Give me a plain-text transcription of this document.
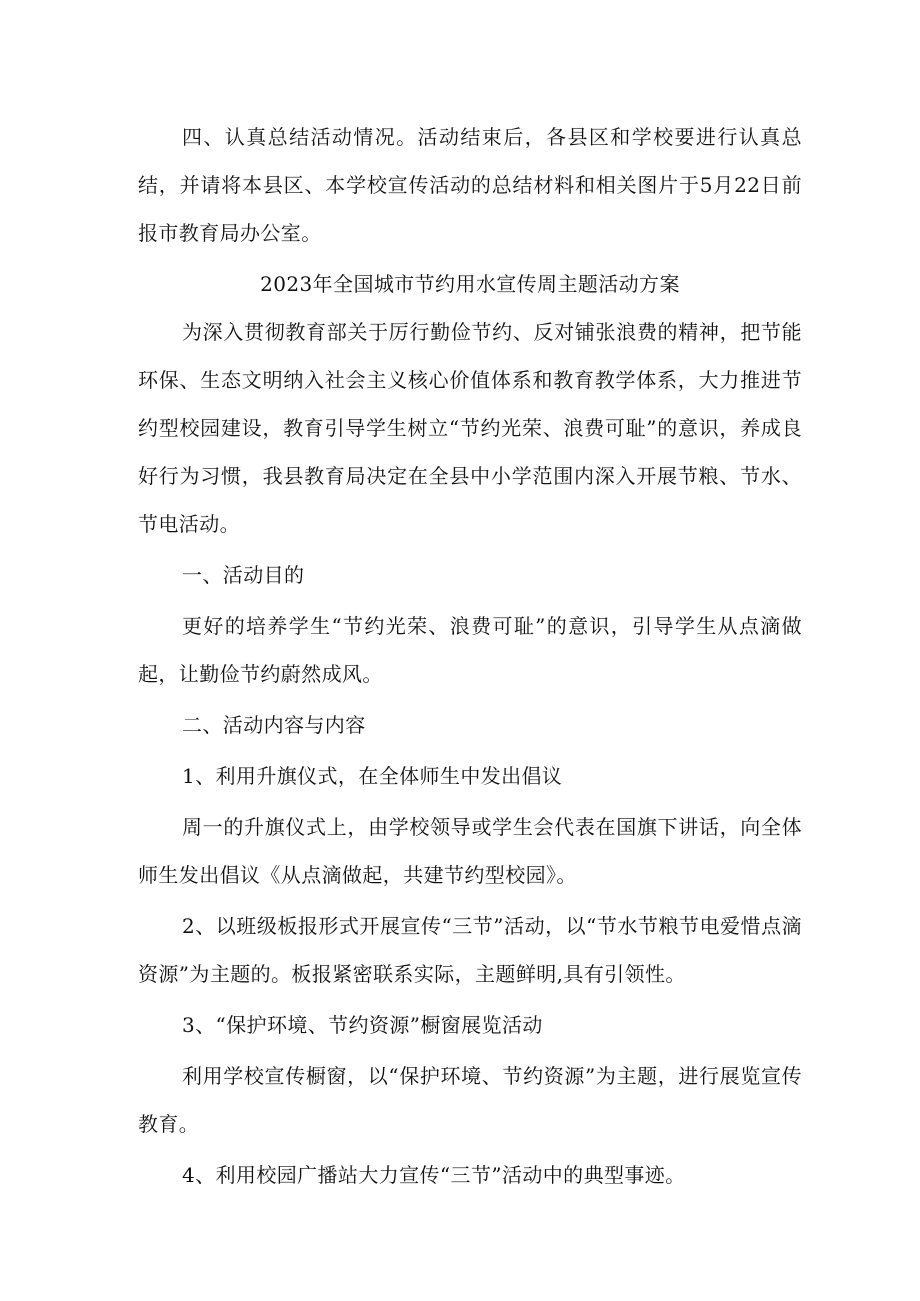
四、认真总结活动情况。活动结束后，各县区和学校要进行认真总结，并请将本县区、本学校宣传活动的总结材料和相关图片于5月22日前报市教育局办公室。

2023年全国城市节约用水宣传周主题活动方案

为深入贯彻教育部关于厉行勤俭节约、反对铺张浪费的精神，把节能环保、生态文明纳入社会主义核心价值体系和教育教学体系，大力推进节约型校园建设，教育引导学生树立“节约光荣、浪费可耻”的意识，养成良好行为习惯，我县教育局决定在全县中小学范围内深入开展节粮、节水、节电活动。

一、活动目的

更好的培养学生“节约光荣、浪费可耻”的意识，引导学生从点滴做起，让勤俭节约蔚然成风。

二、活动内容与内容

1、利用升旗仪式，在全体师生中发出倡议

周一的升旗仪式上，由学校领导或学生会代表在国旗下讲话，向全体师生发出倡议《从点滴做起，共建节约型校园》。

2、以班级板报形式开展宣传“三节”活动，以“节水节粮节电爱惜点滴资源”为主题的。板报紧密联系实际，主题鲜明,具有引领性。

3、“保护环境、节约资源”橱窗展览活动

利用学校宣传橱窗，以“保护环境、节约资源”为主题，进行展览宣传教育。

4、利用校园广播站大力宣传“三节”活动中的典型事迹。
